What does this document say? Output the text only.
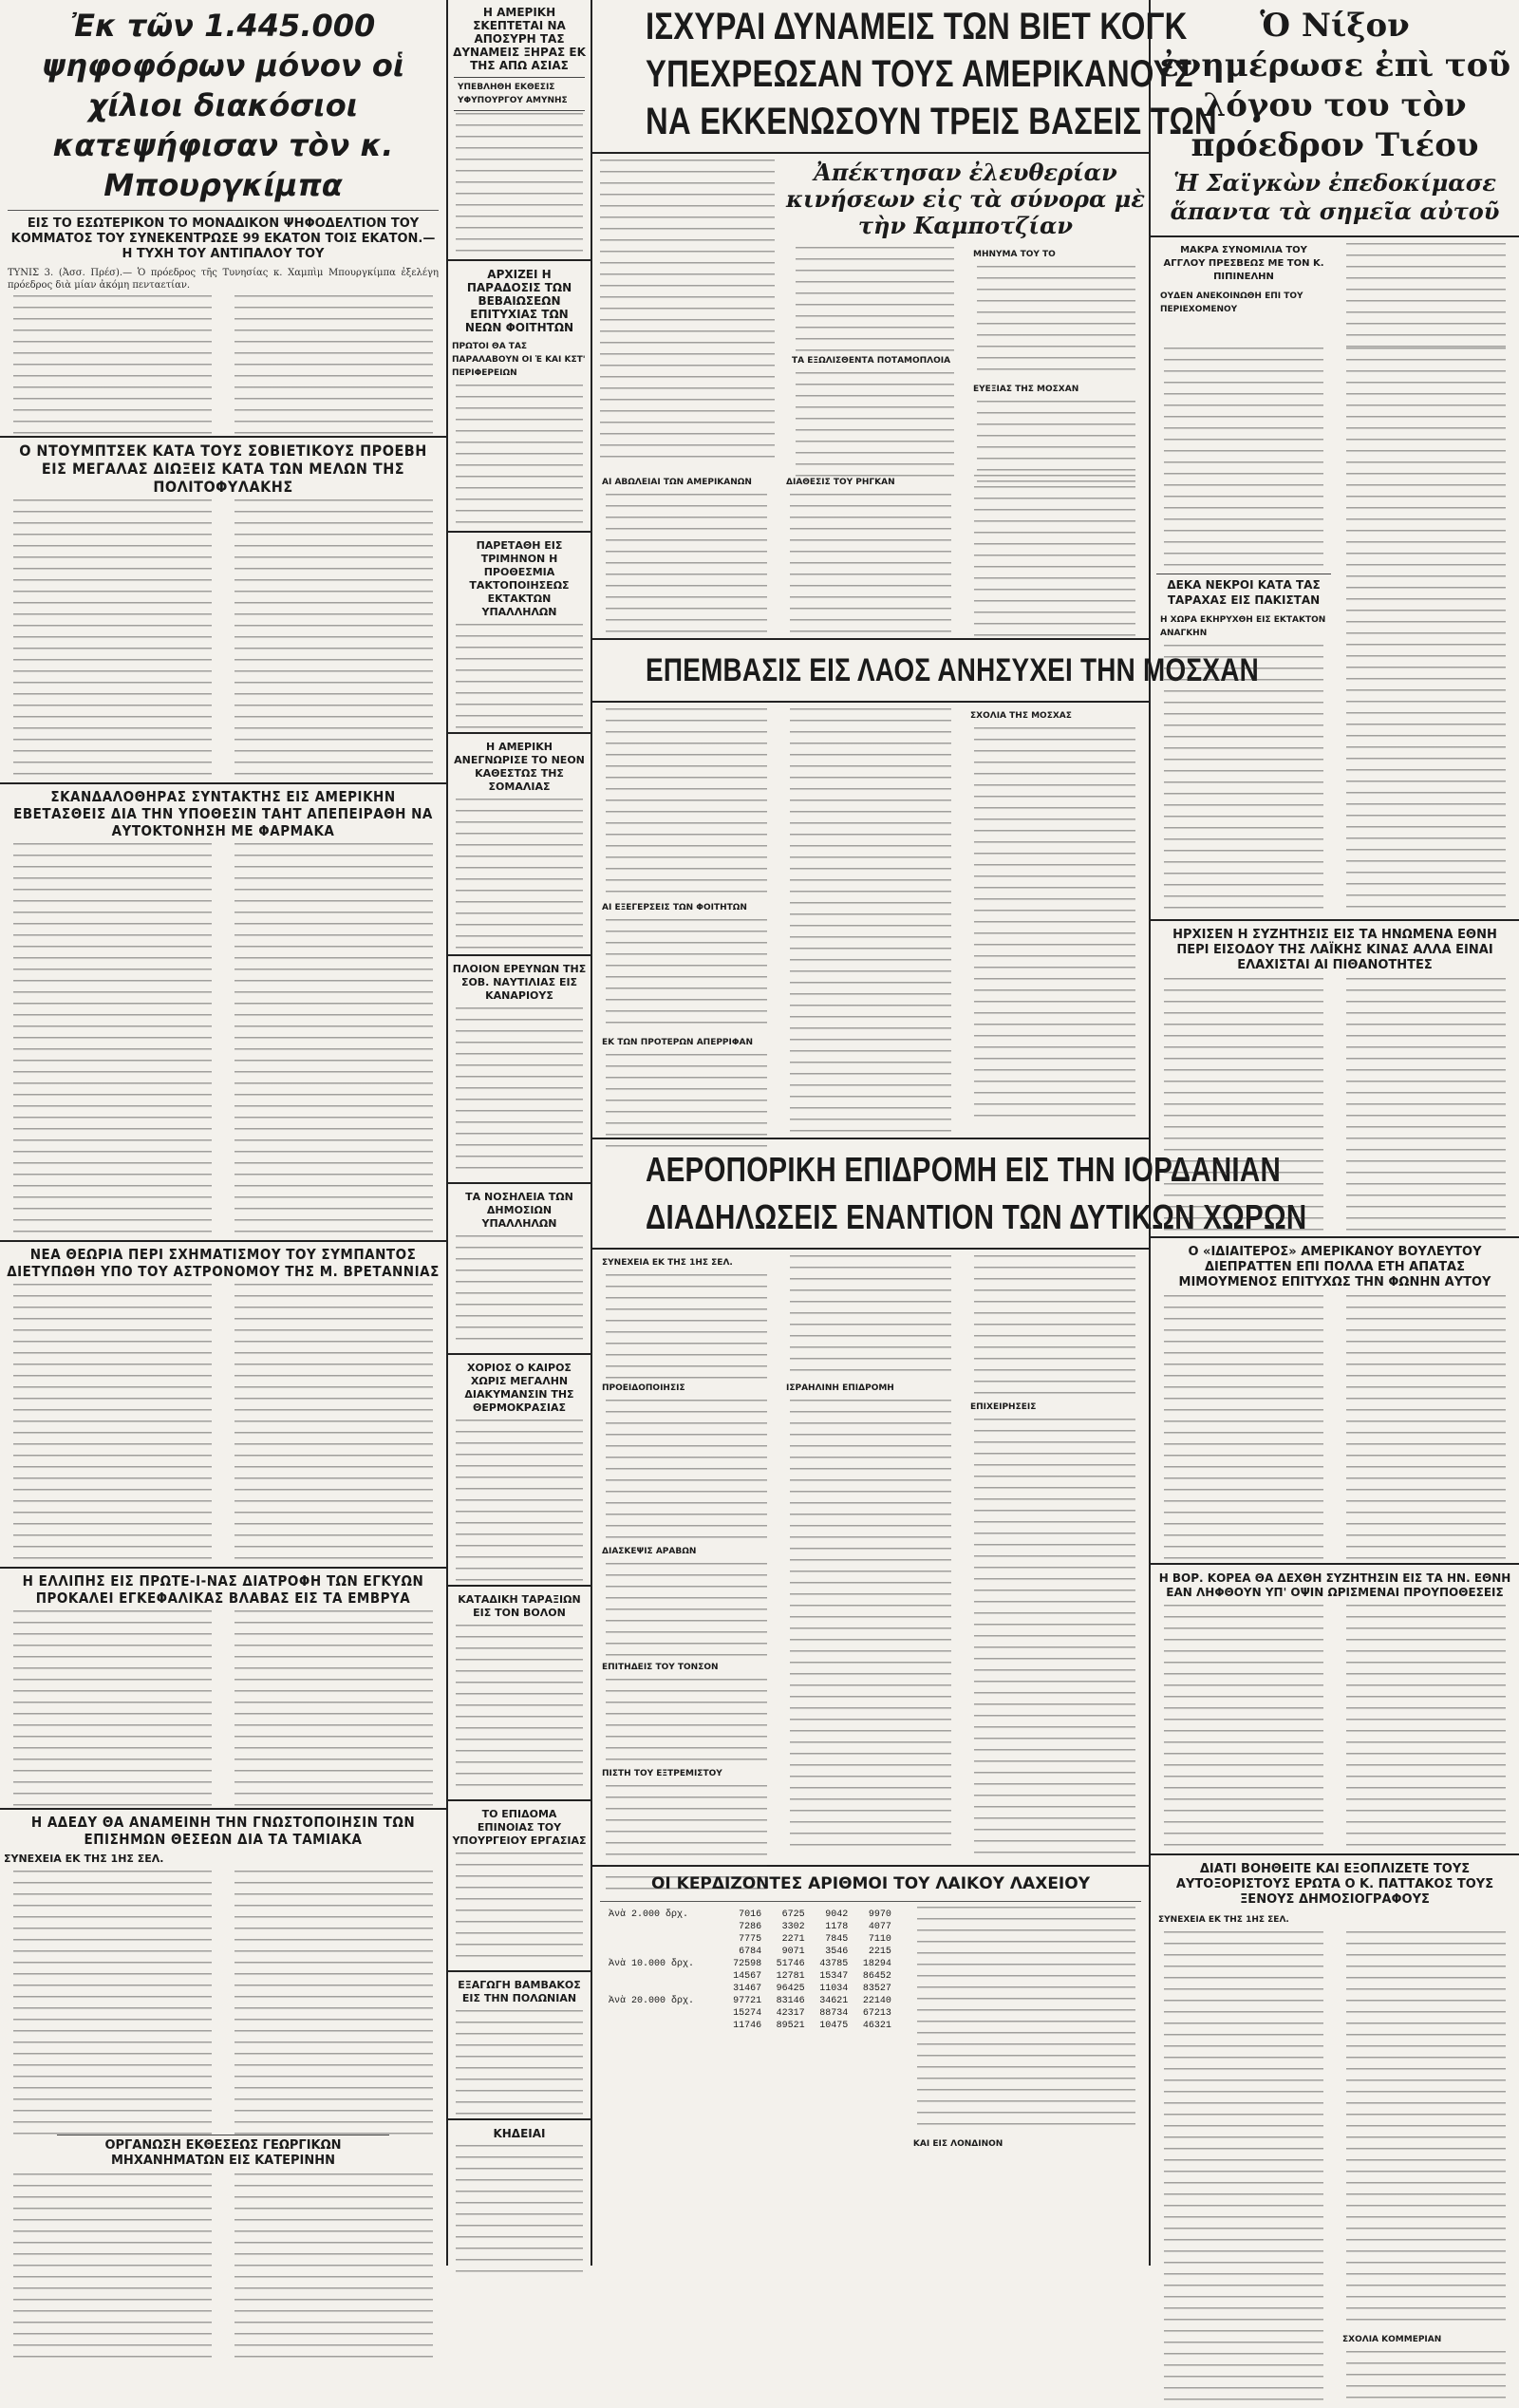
Ἐκ τῶν 1.445.000 ψηφοφόρων μόνον οἱ χίλιοι διακόσιοι κατεψήφισαν τὸν κ. Μπουργκίμπα
ΕΙΣ ΤΟ ΕΣΩΤΕΡΙΚΟΝ ΤΟ ΜΟΝΑΔΙΚΟΝ ΨΗΦΟΔΕΛΤΙΟΝ ΤΟΥ ΚΟΜΜΑΤΟΣ ΤΟΥ ΣΥΝΕΚΕΝΤΡΩΣΕ 99 ΕΚΑΤΟΝ ΤΟΙΣ ΕΚΑΤΟΝ.— Η ΤΥΧΗ ΤΟΥ ΑΝΤΙΠΑΛΟΥ ΤΟΥ

ΤΥΝΙΣ 3. (Ἀσσ. Πρέσ).— Ὁ πρόεδρος τῆς Τυνησίας κ. Χαμπὶμ Μπουργκίμπα ἐξελέγη πρόεδρος διὰ μίαν ἀκόμη πενταετίαν.

Ο ΝΤΟΥΜΠΤΣΕΚ ΚΑΤΑ ΤΟΥΣ ΣΟΒΙΕΤΙΚΟΥΣ ΠΡΟΕΒΗ ΕΙΣ ΜΕΓΑΛΑΣ ΔΙΩΞΕΙΣ ΚΑΤΑ ΤΩΝ ΜΕΛΩΝ ΤΗΣ ΠΟΛΙΤΟΦΥΛΑΚΗΣ
ΣΚΑΝΔΑΛΟΘΗΡΑΣ ΣΥΝΤΑΚΤΗΣ ΕΙΣ ΑΜΕΡΙΚΗΝ ΕΒΕΤΑΣΘΕΙΣ ΔΙΑ ΤΗΝ ΥΠΟΘΕΣΙΝ ΤΑΗΤ ΑΠΕΠΕΙΡΑΘΗ ΝΑ ΑΥΤΟΚΤΟΝΗΣΗ ΜΕ ΦΑΡΜΑΚΑ
ΝΕΑ ΘΕΩΡΙΑ ΠΕΡΙ ΣΧΗΜΑΤΙΣΜΟΥ ΤΟΥ ΣΥΜΠΑΝΤΟΣ ΔΙΕΤΥΠΩΘΗ ΥΠΟ ΤΟΥ ΑΣΤΡΟΝΟΜΟΥ ΤΗΣ Μ. ΒΡΕΤΑΝΝΙΑΣ
Η ΕΛΛΙΠΗΣ ΕΙΣ ΠΡΩΤΕ-Ι-ΝΑΣ ΔΙΑΤΡΟΦΗ ΤΩΝ ΕΓΚΥΩΝ ΠΡΟΚΑΛΕΙ ΕΓΚΕΦΑΛΙΚΑΣ ΒΛΑΒΑΣ ΕΙΣ ΤΑ ΕΜΒΡΥΑ
Η ΑΔΕΔΥ ΘΑ ΑΝΑΜΕΙΝΗ ΤΗΝ ΓΝΩΣΤΟΠΟΙΗΣΙΝ ΤΩΝ ΕΠΙΣΗΜΩΝ ΘΕΣΕΩΝ ΔΙΑ ΤΑ ΤΑΜΙΑΚΑ
ΣΥΝΕΧΕΙΑ ΕΚ ΤΗΣ 1ΗΣ ΣΕΛ.
ΟΡΓΑΝΩΣΗ ΕΚΘΕΣΕΩΣ ΓΕΩΡΓΙΚΩΝ ΜΗΧΑΝΗΜΑΤΩΝ ΕΙΣ ΚΑΤΕΡΙΝΗΝ
Η ΑΜΕΡΙΚΗ ΣΚΕΠΤΕΤΑΙ ΝΑ ΑΠΟΣΥΡΗ ΤΑΣ ΔΥΝΑΜΕΙΣ ΞΗΡΑΣ ΕΚ ΤΗΣ ΑΠΩ ΑΣΙΑΣ
ΥΠΕΒΛΗΘΗ ΕΚΘΕΣΙΣ ΥΦΥΠΟΥΡΓΟΥ ΑΜΥΝΗΣ
ΑΡΧΙΖΕΙ Η ΠΑΡΑΔΟΣΙΣ ΤΩΝ ΒΕΒΑΙΩΣΕΩΝ ΕΠΙΤΥΧΙΑΣ ΤΩΝ ΝΕΩΝ ΦΟΙΤΗΤΩΝ
ΠΡΩΤΟΙ ΘΑ ΤΑΣ ΠΑΡΑΛΑΒΟΥΝ ΟΙ Ἐ ΚΑΙ ΚΣΤ' ΠΕΡΙΦΕΡΕΙΩΝ
ΠΑΡΕΤΑΘΗ ΕΙΣ ΤΡΙΜΗΝΟΝ Η ΠΡΟΘΕΣΜΙΑ ΤΑΚΤΟΠΟΙΗΣΕΩΣ ΕΚΤΑΚΤΩΝ ΥΠΑΛΛΗΛΩΝ
Η ΑΜΕΡΙΚΗ ΑΝΕΓΝΩΡΙΣΕ ΤΟ ΝΕΟΝ ΚΑΘΕΣΤΩΣ ΤΗΣ ΣΟΜΑΛΙΑΣ
ΠΛΟΙΟΝ ΕΡΕΥΝΩΝ ΤΗΣ ΣΟΒ. ΝΑΥΤΙΛΙΑΣ ΕΙΣ ΚΑΝΑΡΙΟΥΣ
ΤΑ ΝΟΣΗΛΕΙΑ ΤΩΝ ΔΗΜΟΣΙΩΝ ΥΠΑΛΛΗΛΩΝ
ΧΟΡΙΟΣ Ο ΚΑΙΡΟΣ ΧΩΡΙΣ ΜΕΓΑΛΗΝ ΔΙΑΚΥΜΑΝΣΙΝ ΤΗΣ ΘΕΡΜΟΚΡΑΣΙΑΣ
ΚΑΤΑΔΙΚΗ ΤΑΡΑΞΙΩΝ ΕΙΣ ΤΟΝ ΒΟΛΟΝ
ΤΟ ΕΠΙΔΟΜΑ ΕΠΙΝΟΙΑΣ ΤΟΥ ΥΠΟΥΡΓΕΙΟΥ ΕΡΓΑΣΙΑΣ
ΕΞΑΓΩΓΗ ΒΑΜΒΑΚΟΣ ΕΙΣ ΤΗΝ ΠΟΛΩΝΙΑΝ
ΚΗΔΕΙΑΙ
ΙΣΧΥΡΑΙ ΔΥΝΑΜΕΙΣ ΤΩΝ ΒΙΕΤ ΚΟΓΚ
ΥΠΕΧΡΕΩΣΑΝ ΤΟΥΣ ΑΜΕΡΙΚΑΝΟΥΣ
ΝΑ ΕΚΚΕΝΩΣΟΥΝ ΤΡΕΙΣ ΒΑΣΕΙΣ ΤΩΝ
Ἀπέκτησαν ἐλευθερίαν κινήσεων εἰς τὰ σύνορα μὲ τὴν Καμποτζίαν
ΤΑ ΕΞΩΛΙΣΘΕΝΤΑ ΠΟΤΑΜΟΠΛΟΙΑ
ΜΗΝΥΜΑ ΤΟΥ ΤΟ
ΕΥΕΞΙΑΣ ΤΗΣ ΜΟΣΧΑΝ
ΑΙ ΑΒΩΛΕΙΑΙ ΤΩΝ ΑΜΕΡΙΚΑΝΩΝ	ΔΙΑΘΕΣΙΣ ΤΟΥ ΡΗΓΚΑΝ
ΕΠΕΜΒΑΣΙΣ ΕΙΣ ΛΑΟΣ ΑΝΗΣΥΧΕΙ ΤΗΝ ΜΟΣΧΑΝ
ΑΙ ΕΞΕΓΕΡΣΕΙΣ ΤΩΝ ΦΟΙΤΗΤΩΝ
ΕΚ ΤΩΝ ΠΡΟΤΕΡΩΝ ΑΠΕΡΡΙΦΑΝ
ΣΧΟΛΙΑ ΤΗΣ ΜΟΣΧΑΣ
ΑΕΡΟΠΟΡΙΚΗ ΕΠΙΔΡΟΜΗ ΕΙΣ ΤΗΝ ΙΟΡΔΑΝΙΑΝ
ΔΙΑΔΗΛΩΣΕΙΣ ΕΝΑΝΤΙΟΝ ΤΩΝ ΔΥΤΙΚΩΝ ΧΩΡΩΝ
ΣΥΝΕΧΕΙΑ ΕΚ ΤΗΣ 1ΗΣ ΣΕΛ.
ΠΡΟΕΙΔΟΠΟΙΗΣΙΣ
ΔΙΑΣΚΕΨΙΣ ΑΡΑΒΩΝ
ΕΠΙΤΗΔΕΙΣ ΤΟΥ ΤΟΝΣΟΝ
ΠΙΣΤΗ ΤΟΥ ΕΞΤΡΕΜΙΣΤΟΥ
ΙΣΡΑΗΛΙΝΗ ΕΠΙΔΡΟΜΗ
ΕΠΙΧΕΙΡΗΣΕΙΣ
ΟΙ ΚΕΡΔΙΖΟΝΤΕΣ ΑΡΙΘΜΟΙ ΤΟΥ ΛΑΙΚΟΥ ΛΑΧΕΙΟΥ
Ἀνὰ 2.000 δρχ.	7016	6725	9042	9970
	7286	3302	1178	4077
	7775	2271	7845	7110
	6784	9071	3546	2215
Ἀνὰ 10.000 δρχ.	72598	51746	43785	18294
	14567	12781	15347	86452
	31467	96425	11034	83527
Ἀνὰ 20.000 δρχ.	97721	83146	34621	22140
	15274	42317	88734	67213
	11746	89521	10475	46321
ΚΑΙ ΕΙΣ ΛΟΝΔΙΝΟΝ
Ὁ Νίξον ἐνημέρωσε ἐπὶ τοῦ λόγου του τὸν πρόεδρον Τιέου
Ἡ Σαϊγκὼν ἐπεδοκίμασε ἅπαντα τὰ σημεῖα αὐτοῦ
ΜΑΚΡΑ ΣΥΝΟΜΙΛΙΑ ΤΟΥ ΑΓΓΛΟΥ ΠΡΕΣΒΕΩΣ ΜΕ ΤΟΝ Κ. ΠΙΠΙΝΕΛΗΝ
ΟΥΔΕΝ ΑΝΕΚΟΙΝΩΘΗ ΕΠΙ ΤΟΥ ΠΕΡΙΕΧΟΜΕΝΟΥ
ΔΕΚΑ ΝΕΚΡΟΙ ΚΑΤΑ ΤΑΣ ΤΑΡΑΧΑΣ ΕΙΣ ΠΑΚΙΣΤΑΝ
Η ΧΩΡΑ ΕΚΗΡΥΧΘΗ ΕΙΣ ΕΚΤΑΚΤΟΝ ΑΝΑΓΚΗΝ
ΗΡΧΙΣΕΝ Η ΣΥΖΗΤΗΣΙΣ ΕΙΣ ΤΑ ΗΝΩΜΕΝΑ ΕΘΝΗ ΠΕΡΙ ΕΙΣΟΔΟΥ ΤΗΣ ΛΑΪΚΗΣ ΚΙΝΑΣ ΑΛΛΑ ΕΙΝΑΙ ΕΛΑΧΙΣΤΑΙ ΑΙ ΠΙΘΑΝΟΤΗΤΕΣ
Ο «ΙΔΙΑΙΤΕΡΟΣ» ΑΜΕΡΙΚΑΝΟΥ ΒΟΥΛΕΥΤΟΥ ΔΙΕΠΡΑΤΤΕΝ ΕΠΙ ΠΟΛΛΑ ΕΤΗ ΑΠΑΤΑΣ ΜΙΜΟΥΜΕΝΟΣ ΕΠΙΤΥΧΩΣ ΤΗΝ ΦΩΝΗΝ ΑΥΤΟΥ
Η ΒΟΡ. ΚΟΡΕΑ ΘΑ ΔΕΧΘΗ ΣΥΖΗΤΗΣΙΝ ΕΙΣ ΤΑ ΗΝ. ΕΘΝΗ ΕΑΝ ΛΗΦΘΟΥΝ ΥΠ' ΟΨΙΝ ΩΡΙΣΜΕΝΑΙ ΠΡΟΥΠΟΘΕΣΕΙΣ
ΔΙΑΤΙ ΒΟΗΘΕΙΤΕ ΚΑΙ ΕΞΟΠΛΙΖΕΤΕ ΤΟΥΣ ΑΥΤΟΞΟΡΙΣΤΟΥΣ ΕΡΩΤΑ Ο Κ. ΠΑΤΤΑΚΟΣ ΤΟΥΣ ΞΕΝΟΥΣ ΔΗΜΟΣΙΟΓΡΑΦΟΥΣ
ΣΥΝΕΧΕΙΑ ΕΚ ΤΗΣ 1ΗΣ ΣΕΛ.
ΣΧΟΛΙΑ ΚΟΜΜΕΡΙΑΝ
